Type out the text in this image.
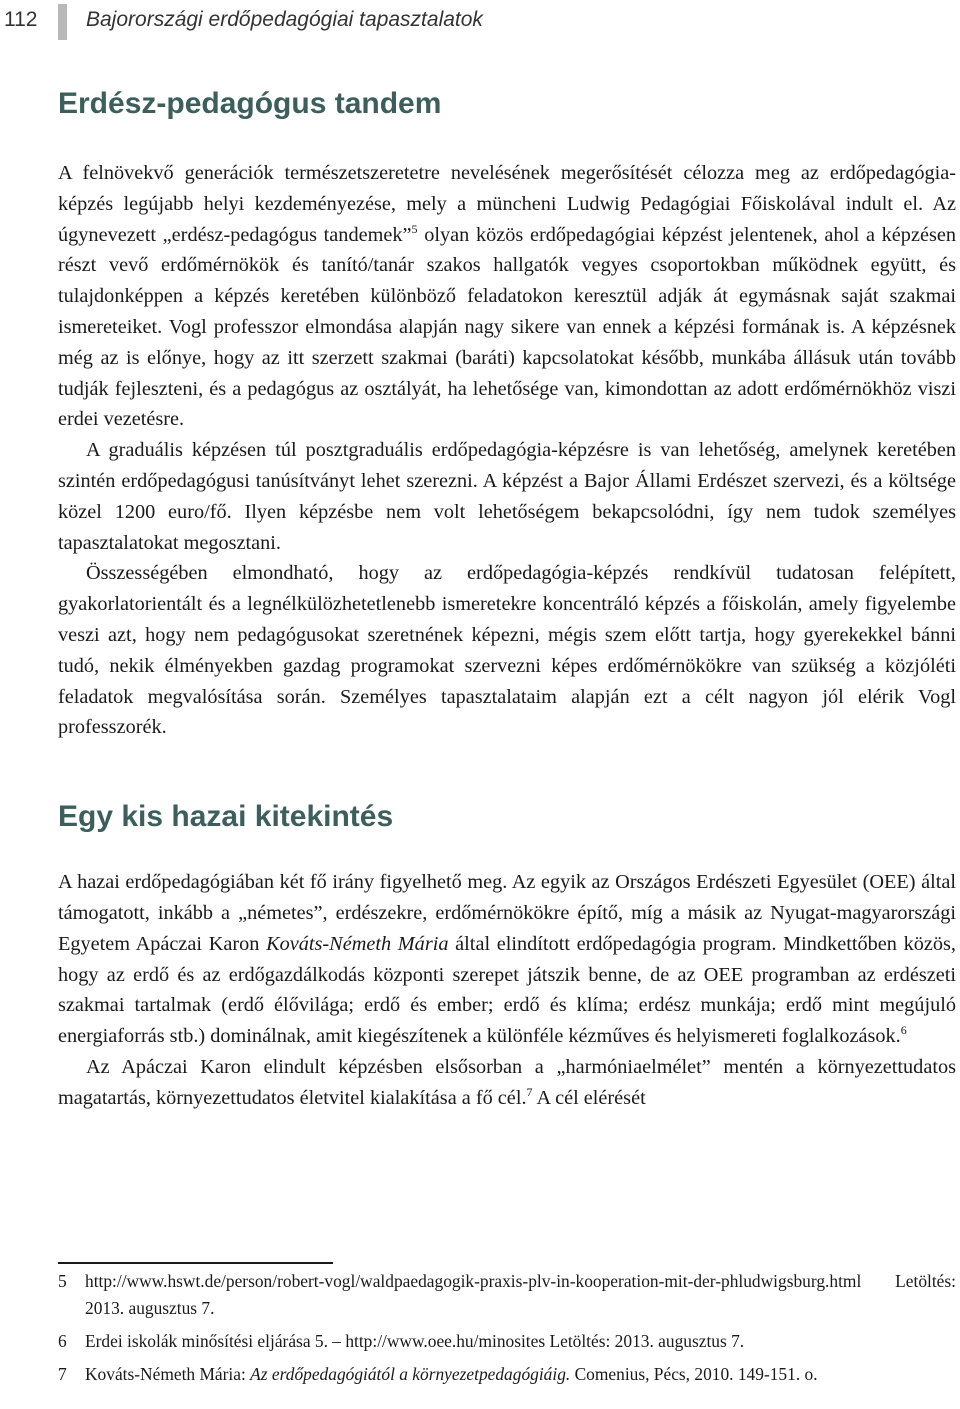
112 Bajorországi erdőpedagógiai tapasztalatok
Erdész-pedagógus tandem

A felnövekvő generációk természetszeretetre nevelésének megerősítését célozza meg az erdőpedagógia-képzés legújabb helyi kezdeményezése, mely a müncheni Ludwig Pedagógiai Főiskolával indult el. Az úgynevezett „erdész-pedagógus tandemek”$^5$ olyan közös erdőpedagógiai képzést jelentenek, ahol a képzésen részt vevő erdőmérnökök és tanító/tanár szakos hallgatók vegyes csoportokban működnek együtt, és tulajdonképpen a képzés keretében különböző feladatokon keresztül adják át egymásnak saját szakmai ismereteiket. Vogl professzor elmondása alapján nagy sikere van ennek a képzési formának is. A képzésnek még az is előnye, hogy az itt szerzett szakmai (baráti) kapcsolatokat később, munkába állásuk után tovább tudják fejleszteni, és a pedagógus az osztályát, ha lehetősége van, kimondottan az adott erdőmérnökhöz viszi erdei vezetésre.

A graduális képzésen túl posztgraduális erdőpedagógia-képzésre is van lehetőség, amelynek keretében szintén erdőpedagógusi tanúsítványt lehet szerezni. A képzést a Bajor Állami Erdészet szervezi, és a költsége közel 1200 euro/fő. Ilyen képzésbe nem volt lehetőségem bekapcsolódni, így nem tudok személyes tapasztalatokat megosztani.

Összességében elmondható, hogy az erdőpedagógia-képzés rendkívül tudatosan felépített, gyakorlatorientált és a legnélkülözhetetlenebb ismeretekre koncentráló képzés a főiskolán, amely figyelembe veszi azt, hogy nem pedagógusokat szeretnének képezni, mégis szem előtt tartja, hogy gyerekekkel bánni tudó, nekik élményekben gazdag programokat szervezni képes erdőmérnökökre van szükség a közjóléti feladatok megvalósítása során. Személyes tapasztalataim alapján ezt a célt nagyon jól elérik Vogl professzorék.

Egy kis hazai kitekintés

A hazai erdőpedagógiában két fő irány figyelhető meg. Az egyik az Országos Erdészeti Egyesület (OEE) által támogatott, inkább a „németes”, erdészekre, erdőmérnökökre építő, míg a másik az Nyugat-magyarországi Egyetem Apáczai Karon Kováts-Németh Mária által elindított erdőpedagógia program. Mindkettőben közös, hogy az erdő és az erdőgazdálkodás központi szerepet játszik benne, de az OEE programban az erdészeti szakmai tartalmak (erdő élővilága; erdő és ember; erdő és klíma; erdész munkája; erdő mint megújuló energiaforrás stb.) dominálnak, amit kiegészítenek a különféle kézműves és helyismereti foglalkozások.$^6$

Az Apáczai Karon elindult képzésben elsősorban a „harmóniaelmélet” mentén a környezettudatos magatartás, környezettudatos életvitel kialakítása a fő cél.$^7$ A cél elérését

5 http://www.hswt.de/person/robert-vogl/waldpaedagogik-praxis-plv-in-kooperation-mit-der-phludwigsburg.html Letöltés: 2013. augusztus 7.
6 Erdei iskolák minősítési eljárása 5. – http://www.oee.hu/minosites Letöltés: 2013. augusztus 7.
7 Kováts-Németh Mária: Az erdőpedagógiától a környezetpedagógiáig. Comenius, Pécs, 2010. 149-151. o.
